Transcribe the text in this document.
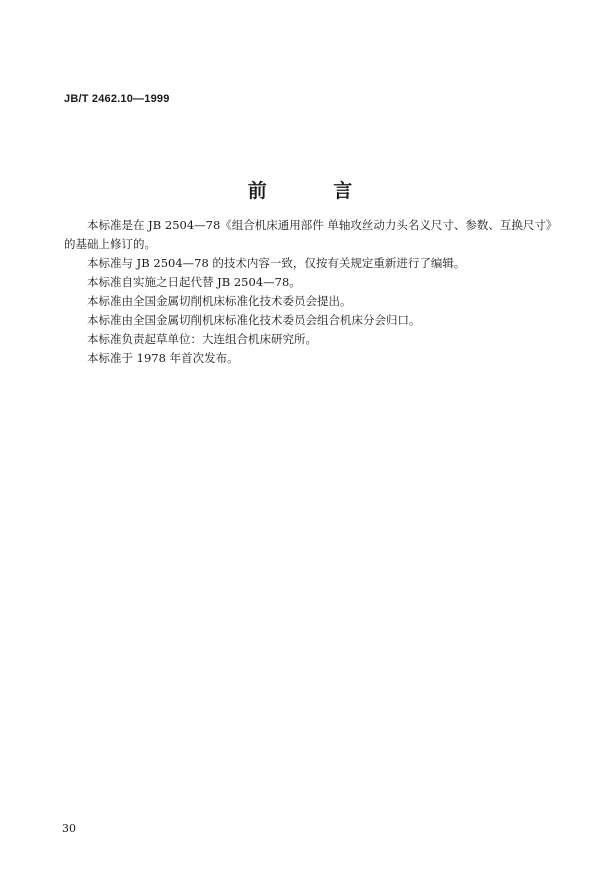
JB/T 2462.10—1999
前 言

本标准是在 JB 2504—78《组合机床通用部件 单轴攻丝动力头名义尺寸、参数、互换尺寸》的基础上修订的。

本标准与 JB 2504—78 的技术内容一致，仅按有关规定重新进行了编辑。

本标准自实施之日起代替 JB 2504—78。

本标准由全国金属切削机床标准化技术委员会提出。

本标准由全国金属切削机床标准化技术委员会组合机床分会归口。

本标准负责起草单位：大连组合机床研究所。

本标准于 1978 年首次发布。

30
